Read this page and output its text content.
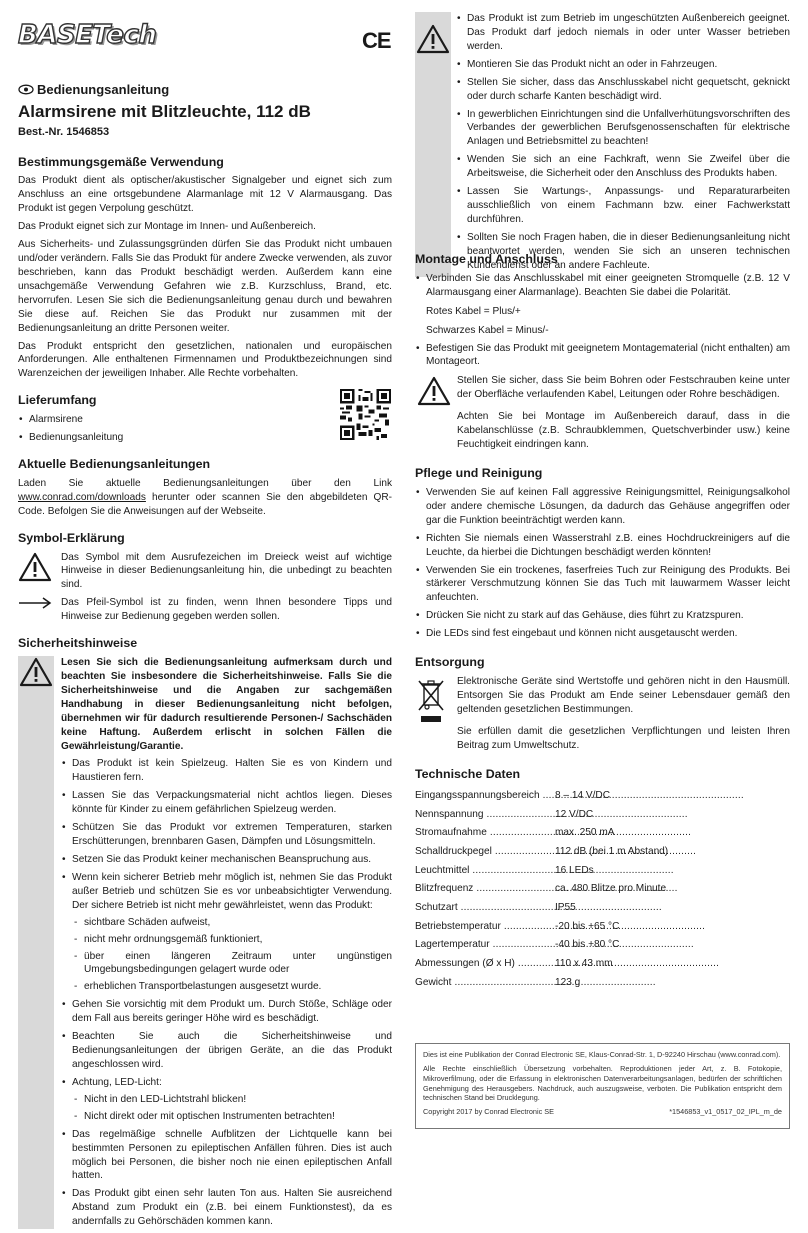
BASETech	CE
Bedienungsanleitung
Alarmsirene mit Blitzleuchte, 112 dB
Best.-Nr. 1546853
Bestimmungsgemäße Verwendung

Das Produkt dient als optischer/akustischer Signalgeber und eignet sich zum Anschluss an eine ortsgebundene Alarmanlage mit 12 V Alarmausgang. Das Produkt ist gegen Verpolung geschützt.

Das Produkt eignet sich zur Montage im Innen- und Außenbereich.

Aus Sicherheits- und Zulassungsgründen dürfen Sie das Produkt nicht umbauen und/oder verändern. Falls Sie das Produkt für andere Zwecke verwenden, als zuvor beschrieben, kann das Produkt beschädigt werden. Außerdem kann eine unsachgemäße Verwendung Gefahren wie z.B. Kurzschluss, Brand, etc. hervorrufen. Lesen Sie sich die Bedienungsanleitung genau durch und bewahren Sie diese auf. Reichen Sie das Produkt nur zusammen mit der Bedienungsanleitung an dritte Personen weiter.

Das Produkt entspricht den gesetzlichen, nationalen und europäischen Anforderungen. Alle enthaltenen Firmennamen und Produktbezeichnungen sind Warenzeichen der jeweiligen Inhaber. Alle Rechte vorbehalten.

Lieferumfang
• Alarmsirene
• Bedienungsanleitung
Aktuelle Bedienungsanleitungen

Laden Sie aktuelle Bedienungsanleitungen über den Link www.conrad.com/downloads herunter oder scannen Sie den abgebildeten QR-Code. Befolgen Sie die Anweisungen auf der Webseite.

Symbol-Erklärung

Das Symbol mit dem Ausrufezeichen im Dreieck weist auf wichtige Hinweise in dieser Bedienungsanleitung hin, die unbedingt zu beachten sind.

Das Pfeil-Symbol ist zu finden, wenn Ihnen besondere Tipps und Hinweise zur Bedienung gegeben werden sollen.

Sicherheitshinweise

Lesen Sie sich die Bedienungsanleitung aufmerksam durch und beachten Sie insbesondere die Sicherheitshinweise. Falls Sie die Sicherheitshinweise und die Angaben zur sachgemäßen Handhabung in dieser Bedienungsanleitung nicht befolgen, übernehmen wir für dadurch resultierende Personen-/ Sachschäden keine Haftung. Außerdem erlischt in solchen Fällen die Gewährleistung/Garantie.

• Das Produkt ist kein Spielzeug. Halten Sie es von Kindern und Haustieren fern.
• Lassen Sie das Verpackungsmaterial nicht achtlos liegen. Dieses könnte für Kinder zu einem gefährlichen Spielzeug werden.
• Schützen Sie das Produkt vor extremen Temperaturen, starken Erschütterungen, brennbaren Gasen, Dämpfen und Lösungsmitteln.
• Setzen Sie das Produkt keiner mechanischen Beanspruchung aus.
• Wenn kein sicherer Betrieb mehr möglich ist, nehmen Sie das Produkt außer Betrieb und schützen Sie es vor unbeabsichtigter Verwendung. Der sichere Betrieb ist nicht mehr gewährleistet, wenn das Produkt:
- sichtbare Schäden aufweist,
- nicht mehr ordnungsgemäß funktioniert,
- über einen längeren Zeitraum unter ungünstigen Umgebungsbedingungen gelagert wurde oder
- erheblichen Transportbelastungen ausgesetzt wurde.
• Gehen Sie vorsichtig mit dem Produkt um. Durch Stöße, Schläge oder dem Fall aus bereits geringer Höhe wird es beschädigt.
• Beachten Sie auch die Sicherheitshinweise und Bedienungsanleitungen der übrigen Geräte, an die das Produkt angeschlossen wird.
• Achtung, LED-Licht:
- Nicht in den LED-Lichtstrahl blicken!
- Nicht direkt oder mit optischen Instrumenten betrachten!
• Das regelmäßige schnelle Aufblitzen der Lichtquelle kann bei bestimmten Personen zu epileptischen Anfällen führen. Dies ist auch möglich bei Personen, die bisher noch nie einen epileptischen Anfall hatten.
• Das Produkt gibt einen sehr lauten Ton aus. Halten Sie ausreichend Abstand zum Produkt ein (z.B. bei einem Funktionstest), da es andernfalls zu Gehörschäden kommen kann.
• Das Produkt ist zum Betrieb im ungeschützten Außenbereich geeignet. Das Produkt darf jedoch niemals in oder unter Wasser betrieben werden.
• Montieren Sie das Produkt nicht an oder in Fahrzeugen.
• Stellen Sie sicher, dass das Anschlusskabel nicht gequetscht, geknickt oder durch scharfe Kanten beschädigt wird.
• In gewerblichen Einrichtungen sind die Unfallverhütungsvorschriften des Verbandes der gewerblichen Berufsgenossenschaften für elektrische Anlagen und Betriebsmittel zu beachten!
• Wenden Sie sich an eine Fachkraft, wenn Sie Zweifel über die Arbeitsweise, die Sicherheit oder den Anschluss des Produkts haben.
• Lassen Sie Wartungs-, Anpassungs- und Reparaturarbeiten ausschließlich von einem Fachmann bzw. einer Fachwerkstatt durchführen.
• Sollten Sie noch Fragen haben, die in dieser Bedienungsanleitung nicht beantwortet werden, wenden Sie sich an unseren technischen Kundendienst oder an andere Fachleute.
Montage und Anschluss
• Verbinden Sie das Anschlusskabel mit einer geeigneten Stromquelle (z.B. 12 V Alarmausgang einer Alarmanlage). Beachten Sie dabei die Polarität.
Rotes Kabel = Plus/+
Schwarzes Kabel = Minus/-
• Befestigen Sie das Produkt mit geeignetem Montagematerial (nicht enthalten) am Montageort.

Stellen Sie sicher, dass Sie beim Bohren oder Festschrauben keine unter der Oberfläche verlaufenden Kabel, Leitungen oder Rohre beschädigen.

Achten Sie bei Montage im Außenbereich darauf, dass in die Kabelanschlüsse (z.B. Schraubklemmen, Quetschverbinder usw.) keine Feuchtigkeit eindringen kann.

Pflege und Reinigung
• Verwenden Sie auf keinen Fall aggressive Reinigungsmittel, Reinigungsalkohol oder andere chemische Lösungen, da dadurch das Gehäuse angegriffen oder gar die Funktion beeinträchtigt werden kann.
• Richten Sie niemals einen Wasserstrahl z.B. eines Hochdruckreinigers auf die Leuchte, da hierbei die Dichtungen beschädigt werden könnten!
• Verwenden Sie ein trockenes, faserfreies Tuch zur Reinigung des Produkts. Bei stärkerer Verschmutzung können Sie das Tuch mit lauwarmem Wasser leicht anfeuchten.
• Drücken Sie nicht zu stark auf das Gehäuse, dies führt zu Kratzspuren.
• Die LEDs sind fest eingebaut und können nicht ausgetauscht werden.
Entsorgung

Elektronische Geräte sind Wertstoffe und gehören nicht in den Hausmüll. Entsorgen Sie das Produkt am Ende seiner Lebensdauer gemäß den geltenden gesetzlichen Bestimmungen.

Sie erfüllen damit die gesetzlichen Verpflichtungen und leisten Ihren Beitrag zum Umweltschutz.

Technische Daten
Eingangsspannungsbereich .....	8 – 14 V/DC
Nennspannung .....	12 V/DC
Stromaufnahme .....	max. 250 mA
Schalldruckpegel .....	112 dB (bei 1 m Abstand)
Leuchtmittel .....	16 LEDs
Blitzfrequenz .....	ca. 480 Blitze pro Minute
Schutzart .....	IP55
Betriebstemperatur .....	-20 bis +65 °C
Lagertemperatur .....	-40 bis +80 °C
Abmessungen (Ø x H) .....	110 x 43 mm
Gewicht .....	123 g

Dies ist eine Publikation der Conrad Electronic SE, Klaus-Conrad-Str. 1, D-92240 Hirschau (www.conrad.com).

Alle Rechte einschließlich Übersetzung vorbehalten. Reproduktionen jeder Art, z. B. Fotokopie, Mikroverfilmung, oder die Erfassung in elektronischen Datenverarbeitungsanlagen, bedürfen der schriftlichen Genehmigung des Herausgebers. Nachdruck, auch auszugsweise, verboten. Die Publikation entspricht dem technischen Stand bei Drucklegung.

Copyright 2017 by Conrad Electronic SE	*1546853_v1_0517_02_IPL_m_de
